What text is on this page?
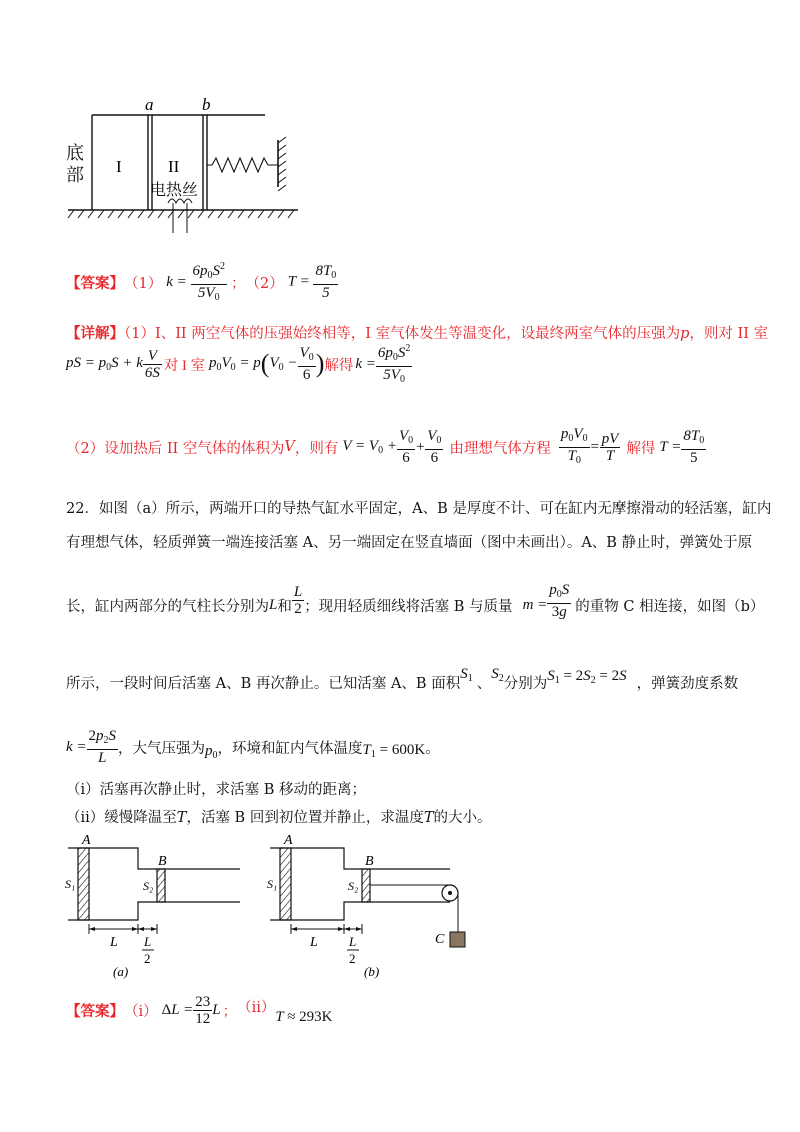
a	b
I	II
底部
电热丝
【答案】 （1） $k = \frac{6p_0S^2}{5V_0}$ ； （2） $T = \frac{8T_0}{5}$
【详解】（1）I、II 两空气体的压强始终相等，I 室气体发生等温变化，设最终两室气体的压强为p，则对 II 室
pS = $p_0S + k \frac{V}{6S}$ 对 I 室 $p_0V_0 = p$ ( $V_0 - \frac{V_0}{6}$ ) 解得 $k = \frac{6p_0S^2}{5V_0}$
（2）设加热后 II 空气体的体积为 V ，则有 $V = V_0 + \frac{V_0}{6} + \frac{V_0}{6}$ 由理想气体方程 $\frac{p_0V_0}{T_0} = \frac{pV}{T}$ 解得 $T = \frac{8T_0}{5}$
22．如图（a）所示，两端开口的导热气缸水平固定，A、B 是厚度不计、可在缸内无摩擦滑动的轻活塞，缸内
有理想气体，轻质弹簧一端连接活塞 A、另一端固定在竖直墙面（图中未画出）。A、B 静止时，弹簧处于原
长，缸内两部分的气柱长分别为 L 和 $\frac{L}{2}$ ；现用轻质细线将活塞 B 与质量 $m = \frac{p_0S}{3g}$ 的重物 C 相连接，如图（b）
所示，一段时间后活塞 A、B 再次静止。已知活塞 A、B 面积
$S_1$ 、
$S_2$ 分别为 $S_1 = 2S_2 = 2S$ ，弹簧劲度系数
$k = \frac{2p_2S}{L}$ ，大气压强为 $p_0$ ，环境和缸内气体温度 $T_1 = 600K$ 。
（ⅰ）活塞再次静止时，求活塞 B 移动的距离；
（ⅱ）缓慢降温至T，活塞 B 回到初位置并静止，求温度T的大小。
A
B
S₁	S₂
L L
2
(a)
A
B
S₁	S₂
L L
2
C
(b)
【答案】 （ⅰ） $\Delta L = \frac{23}{12}$ L ； （ⅱ）
T ≈ 293K
